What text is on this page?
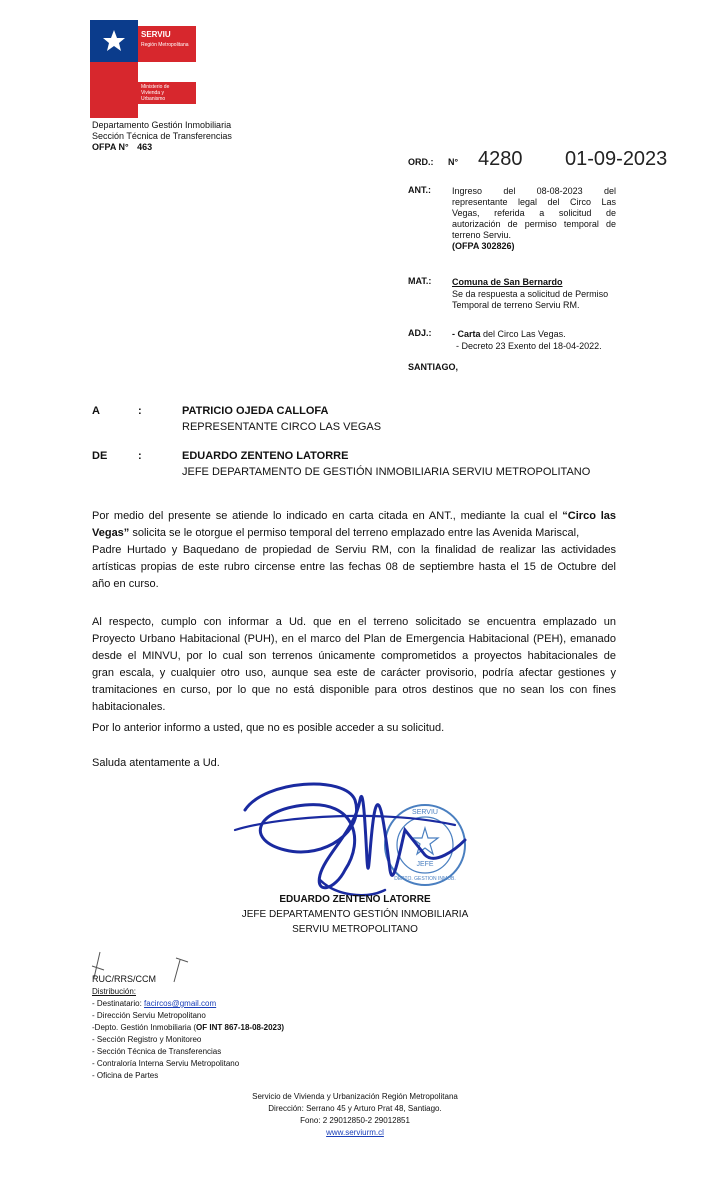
SERVIU
Región Metropolitana
Ministerio de
Vivienda y
Urbanismo
Departamento Gestión Inmobiliaria
Sección Técnica de Transferencias
OFPA N° 463
ORD.: N° 4280 01-09-2023
ANT.: Ingreso del 08-08-2023 del
representante legal del Circo Las
Vegas, referida a solicitud de
autorización de permiso temporal de
terreno Serviu.
(OFPA 302826)
MAT.: Comuna de San Bernardo
Se da respuesta a solicitud de Permiso
Temporal de terreno Serviu RM.
ADJ.: - Carta del Circo Las Vegas.
- Decreto 23 Exento del 18-04-2022.
SANTIAGO,
A	:	PATRICIO OJEDA CALLOFA
REPRESENTANTE CIRCO LAS VEGAS
DE	:	EDUARDO ZENTENO LATORRE
JEFE DEPARTAMENTO DE GESTIÓN INMOBILIARIA SERVIU METROPOLITANO
Por medio del presente se atiende lo indicado en carta citada en ANT., mediante la cual el “Circo las
Vegas” solicita se le otorgue el permiso temporal del terreno emplazado entre las Avenida Mariscal,
Padre Hurtado y Baquedano de propiedad de Serviu RM, con la finalidad de realizar las actividades
artísticas propias de este rubro circense entre las fechas 08 de septiembre hasta el 15 de Octubre del
año en curso.
Al respecto, cumplo con informar a Ud. que en el terreno solicitado se encuentra emplazado un
Proyecto Urbano Habitacional (PUH), en el marco del Plan de Emergencia Habitacional (PEH), emanado
desde el MINVU, por lo cual son terrenos únicamente comprometidos a proyectos habitacionales de
gran escala, y cualquier otro uso, aunque sea este de carácter provisorio, podría afectar gestiones y
tramitaciones en curso, por lo que no está disponible para otros destinos que no sean los con fines
habitacionales.
Por lo anterior informo a usted, que no es posible acceder a su solicitud.
Saluda atentamente a Ud.
SERVIU
JEFE
DEPTO. GESTION INMOB.
EDUARDO ZENTENO LATORRE
JEFE DEPARTAMENTO GESTIÓN INMOBILIARIA
SERVIU METROPOLITANO
RUC/RRS/CCM
Distribución:
- Destinatario: facircos@gmail.com
- Dirección Serviu Metropolitano
-Depto. Gestión Inmobiliaria (OF INT 867-18-08-2023)
- Sección Registro y Monitoreo
- Sección Técnica de Transferencias
- Contraloría Interna Serviu Metropolitano
- Oficina de Partes
Servicio de Vivienda y Urbanización Región Metropolitana
Dirección: Serrano 45 y Arturo Prat 48, Santiago.
Fono: 2 29012850-2 29012851
www.serviurm.cl
